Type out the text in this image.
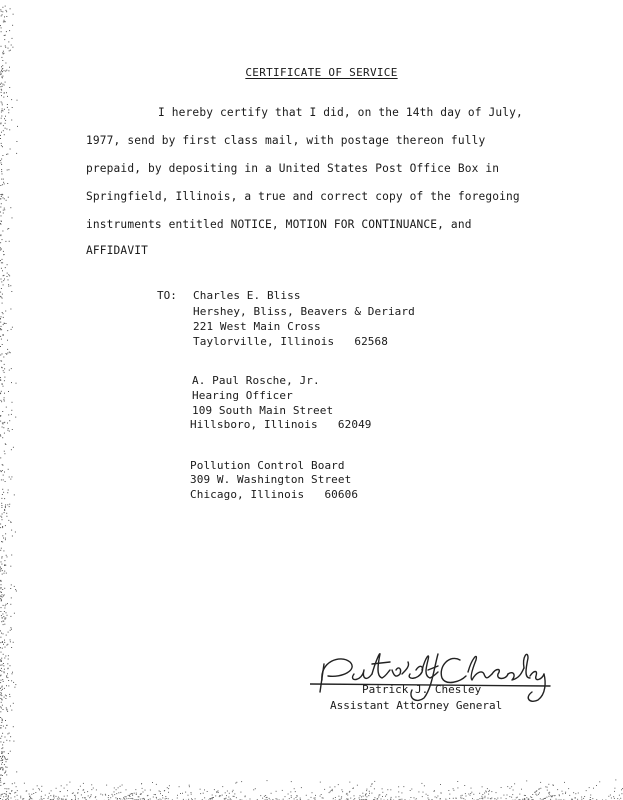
CERTIFICATE OF SERVICE
I hereby certify that I did, on the 14th day of July,
1977, send by first class mail, with postage thereon fully
prepaid, by depositing in a United States Post Office Box in
Springfield, Illinois, a true and correct copy of the foregoing
instruments entitled NOTICE, MOTION FOR CONTINUANCE, and
AFFIDAVIT
TO: Charles E. Bliss
Hershey, Bliss, Beavers & Deriard
221 West Main Cross
Taylorville, Illinois   62568
A. Paul Rosche, Jr.
Hearing Officer
109 South Main Street
Hillsboro, Illinois   62049
Pollution Control Board
309 W. Washington Street
Chicago, Illinois   60606
Patrick J. Chesley
Assistant Attorney General
